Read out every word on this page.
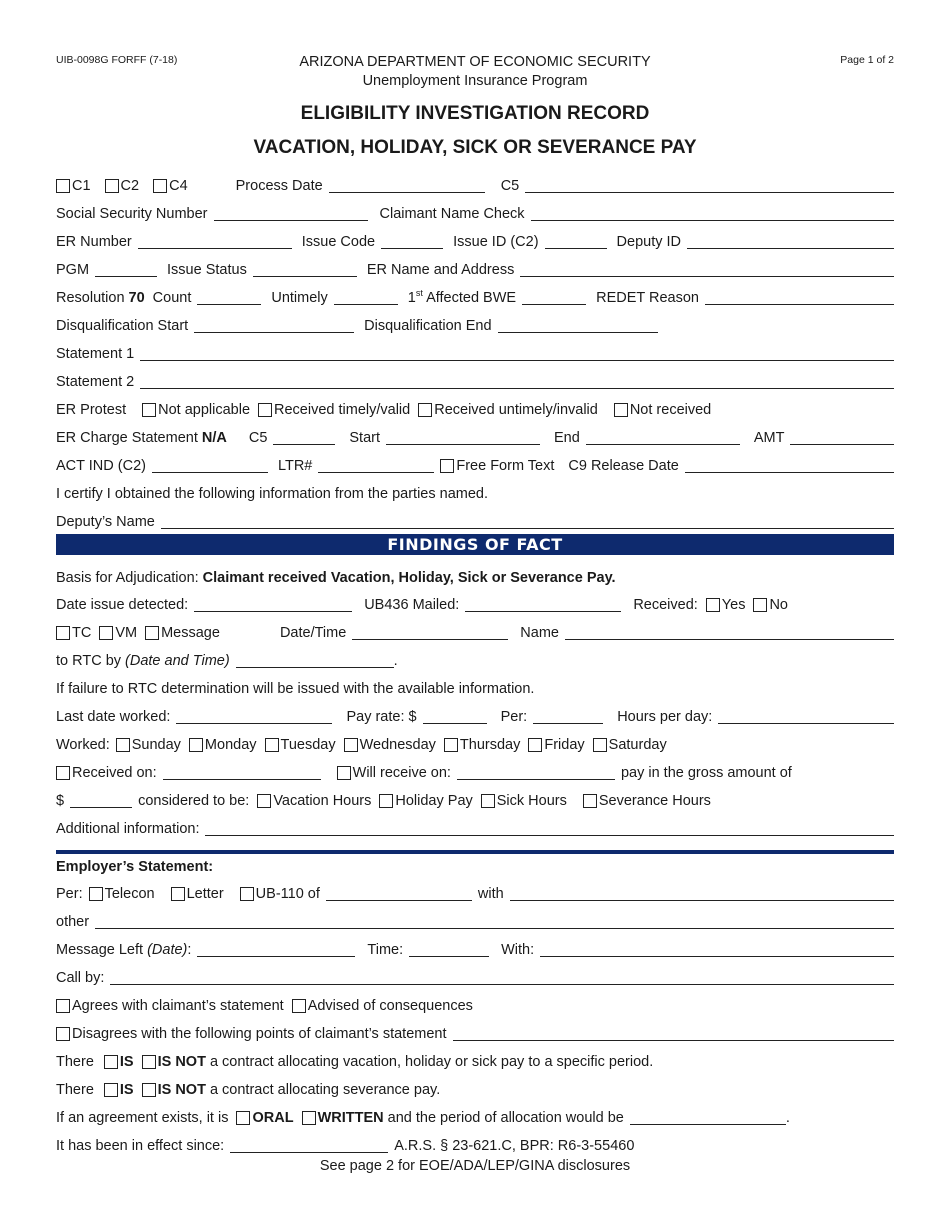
UIB-0098G FORFF (7-18)	Page 1 of 2
ARIZONA DEPARTMENT OF ECONOMIC SECURITY
Unemployment Insurance Program
ELIGIBILITY INVESTIGATION RECORD
VACATION, HOLIDAY, SICK OR SEVERANCE PAY
C1 C2 C4	Process Date	C5
Social Security Number	Claimant Name Check
ER Number	Issue Code	Issue ID (C2)	Deputy ID
PGM	Issue Status	ER Name and Address
Resolution 70 Count	Untimely	1st Affected BWE	REDET Reason
Disqualification Start	Disqualification End
Statement 1
Statement 2
ER Protest Not applicable Received timely/valid Received untimely/invalid Not received
ER Charge Statement N/A C5	Start	End	AMT
ACT IND (C2)	LTR#	Free Form Text C9 Release Date
I certify I obtained the following information from the parties named.
Deputy’s Name
FINDINGS OF FACT
Basis for Adjudication: Claimant received Vacation, Holiday, Sick or Severance Pay.
Date issue detected:	UB436 Mailed:	Received: Yes No
TC VM Message	Date/Time	Name
to RTC by (Date and Time)	.
If failure to RTC determination will be issued with the available information.
Last date worked:	Pay rate: $	Per:	Hours per day:
Worked: Sunday Monday Tuesday Wednesday Thursday Friday Saturday
Received on:	Will receive on:	pay in the gross amount of
$	considered to be: Vacation Hours Holiday Pay Sick Hours Severance Hours
Additional information:
Employer’s Statement:
Per: Telecon Letter UB-110 of	with
other
Message Left (Date):	Time:	With:
Call by:
Agrees with claimant’s statement Advised of consequences
Disagrees with the following points of claimant’s statement
There IS IS NOT a contract allocating vacation, holiday or sick pay to a specific period.
There IS IS NOT a contract allocating severance pay.
If an agreement exists, it is ORAL WRITTEN and the period of allocation would be	.
It has been in effect since:	A.R.S. § 23-621.C, BPR: R6-3-55460
See page 2 for EOE/ADA/LEP/GINA disclosures
